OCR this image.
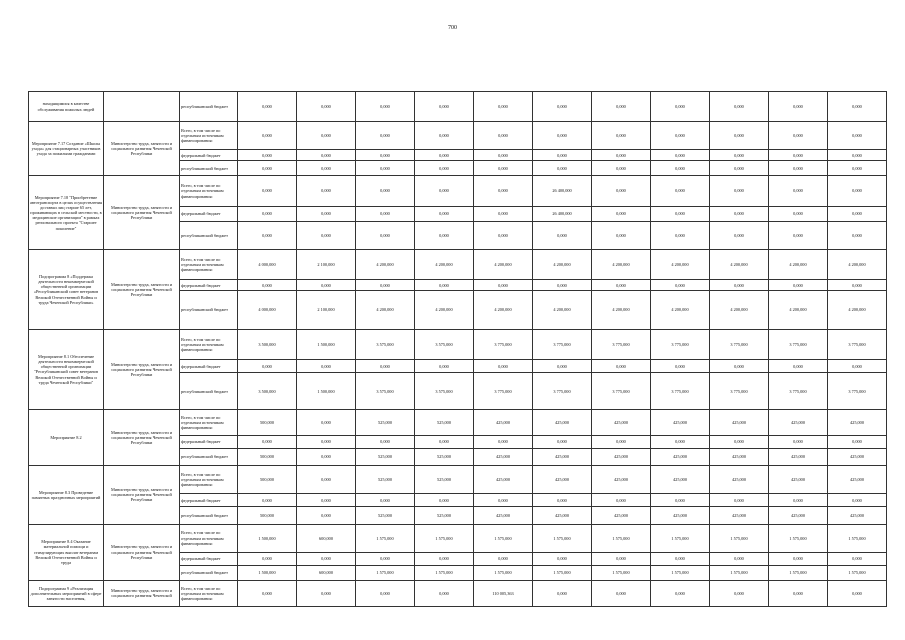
700
находящимися в качестве обслуживания пожилых людей		республиканский бюджет	0,000	0,000	0,000	0,000	0,000	0,000	0,000	0,000	0,000	0,000	0,000
Мероприятие 7.17 Создание «Школы ухода» для стационарных участников ухода за пожилыми гражданами	Министерство труда, занятости и социального развития Чеченской Республики	Всего, в том числе по отдельным источникам финансирования:	0,000	0,000	0,000	0,000	0,000	0,000	0,000	0,000	0,000	0,000	0,000
		федеральный бюджет	0,000	0,000	0,000	0,000	0,000	0,000	0,000	0,000	0,000	0,000	0,000
		республиканский бюджет	0,000	0,000	0,000	0,000	0,000	0,000	0,000	0,000	0,000	0,000	0,000
Мероприятие 7.18 "Приобретение автотранспорта в целях осуществления доставки лиц старше 65 лет, проживающих в сельской местности, в медицинские организации" в рамках регионального проекта "Старшее поколение"	Министерство труда, занятости и социального развития Чеченской Республики	Всего, в том числе по отдельным источникам финансирования:	0,000	0,000	0,000	0,000	0,000	26 400,000	0,000	0,000	0,000	0,000	0,000
		федеральный бюджет	0,000	0,000	0,000	0,000	0,000	26 400,000	0,000	0,000	0,000	0,000	0,000
		республиканский бюджет	0,000	0,000	0,000	0,000	0,000	0,000	0,000	0,000	0,000	0,000	0,000
Подпрограмма 8 «Поддержка деятельности некоммерческой общественной организации «Республиканский совет ветеранов Великой Отечественной Войны и труда Чеченской Республики»	Министерство труда, занятости и социального развития Чеченской Республики	Всего, в том числе по отдельным источникам финансирования:	4 000,000	2 100,000	4 200,000	4 200,000	4 200,000	4 200,000	4 200,000	4 200,000	4 200,000	4 200,000	4 200,000
		федеральный бюджет	0,000	0,000	0,000	0,000	0,000	0,000	0,000	0,000	0,000	0,000	0,000
		республиканский бюджет	4 000,000	2 100,000	4 200,000	4 200,000	4 200,000	4 200,000	4 200,000	4 200,000	4 200,000	4 200,000	4 200,000
Мероприятие 8.1 Обеспечение деятельности некоммерческой общественной организации "Республиканский совет ветеранов Великой Отечественной Войны и труда Чеченской Республики"	Министерство труда, занятости и социального развития Чеченской Республики	Всего, в том числе по отдельным источникам финансирования:	3 500,000	1 500,000	3 575,000	3 575,000	3 775,000	3 775,000	3 775,000	3 775,000	3 775,000	3 775,000	3 775,000
		федеральный бюджет	0,000	0,000	0,000	0,000	0,000	0,000	0,000	0,000	0,000	0,000	0,000
		республиканский бюджет	3 500,000	1 500,000	3 575,000	3 575,000	3 775,000	3 775,000	3 775,000	3 775,000	3 775,000	3 775,000	3 775,000
Мероприятие 8.2	Министерство труда, занятости и социального развития Чеченской Республики	Всего, в том числе по отдельным источникам финансирования:	500,000	0,000	525,000	525,000	425,000	425,000	425,000	425,000	425,000	425,000	425,000
		федеральный бюджет	0,000	0,000	0,000	0,000	0,000	0,000	0,000	0,000	0,000	0,000	0,000
		республиканский бюджет	500,000	0,000	525,000	525,000	425,000	425,000	425,000	425,000	425,000	425,000	425,000
Мероприятие 8.3 Проведение памятных праздничных мероприятий	Министерство труда, занятости и социального развития Чеченской Республики	Всего, в том числе по отдельным источникам финансирования:	500,000	0,000	525,000	525,000	425,000	425,000	425,000	425,000	425,000	425,000	425,000
		федеральный бюджет	0,000	0,000	0,000	0,000	0,000	0,000	0,000	0,000	0,000	0,000	0,000
		республиканский бюджет	500,000	0,000	525,000	525,000	425,000	425,000	425,000	425,000	425,000	425,000	425,000
Мероприятие 8.4 Оказание материальной помощи и стимулирующих выплат ветеранам Великой Отечественной Войны и труда	Министерство труда, занятости и социального развития Чеченской Республики	Всего, в том числе по отдельным источникам финансирования:	1 500,000	600,000	1 575,000	1 575,000	1 575,000	1 575,000	1 575,000	1 575,000	1 575,000	1 575,000	1 575,000
		федеральный бюджет	0,000	0,000	0,000	0,000	0,000	0,000	0,000	0,000	0,000	0,000	0,000
		республиканский бюджет	1 500,000	600,000	1 575,000	1 575,000	1 575,000	1 575,000	1 575,000	1 575,000	1 575,000	1 575,000	1 575,000
Подпрограмма 9 «Реализация дополнительных мероприятий в сфере занятости населения,	Министерство труда, занятости и социального развития Чеченской	Всего, в том числе по отдельным источникам финансирования:	0,000	0,000	0,000	0,000	110 005,363	0,000	0,000	0,000	0,000	0,000	0,000
